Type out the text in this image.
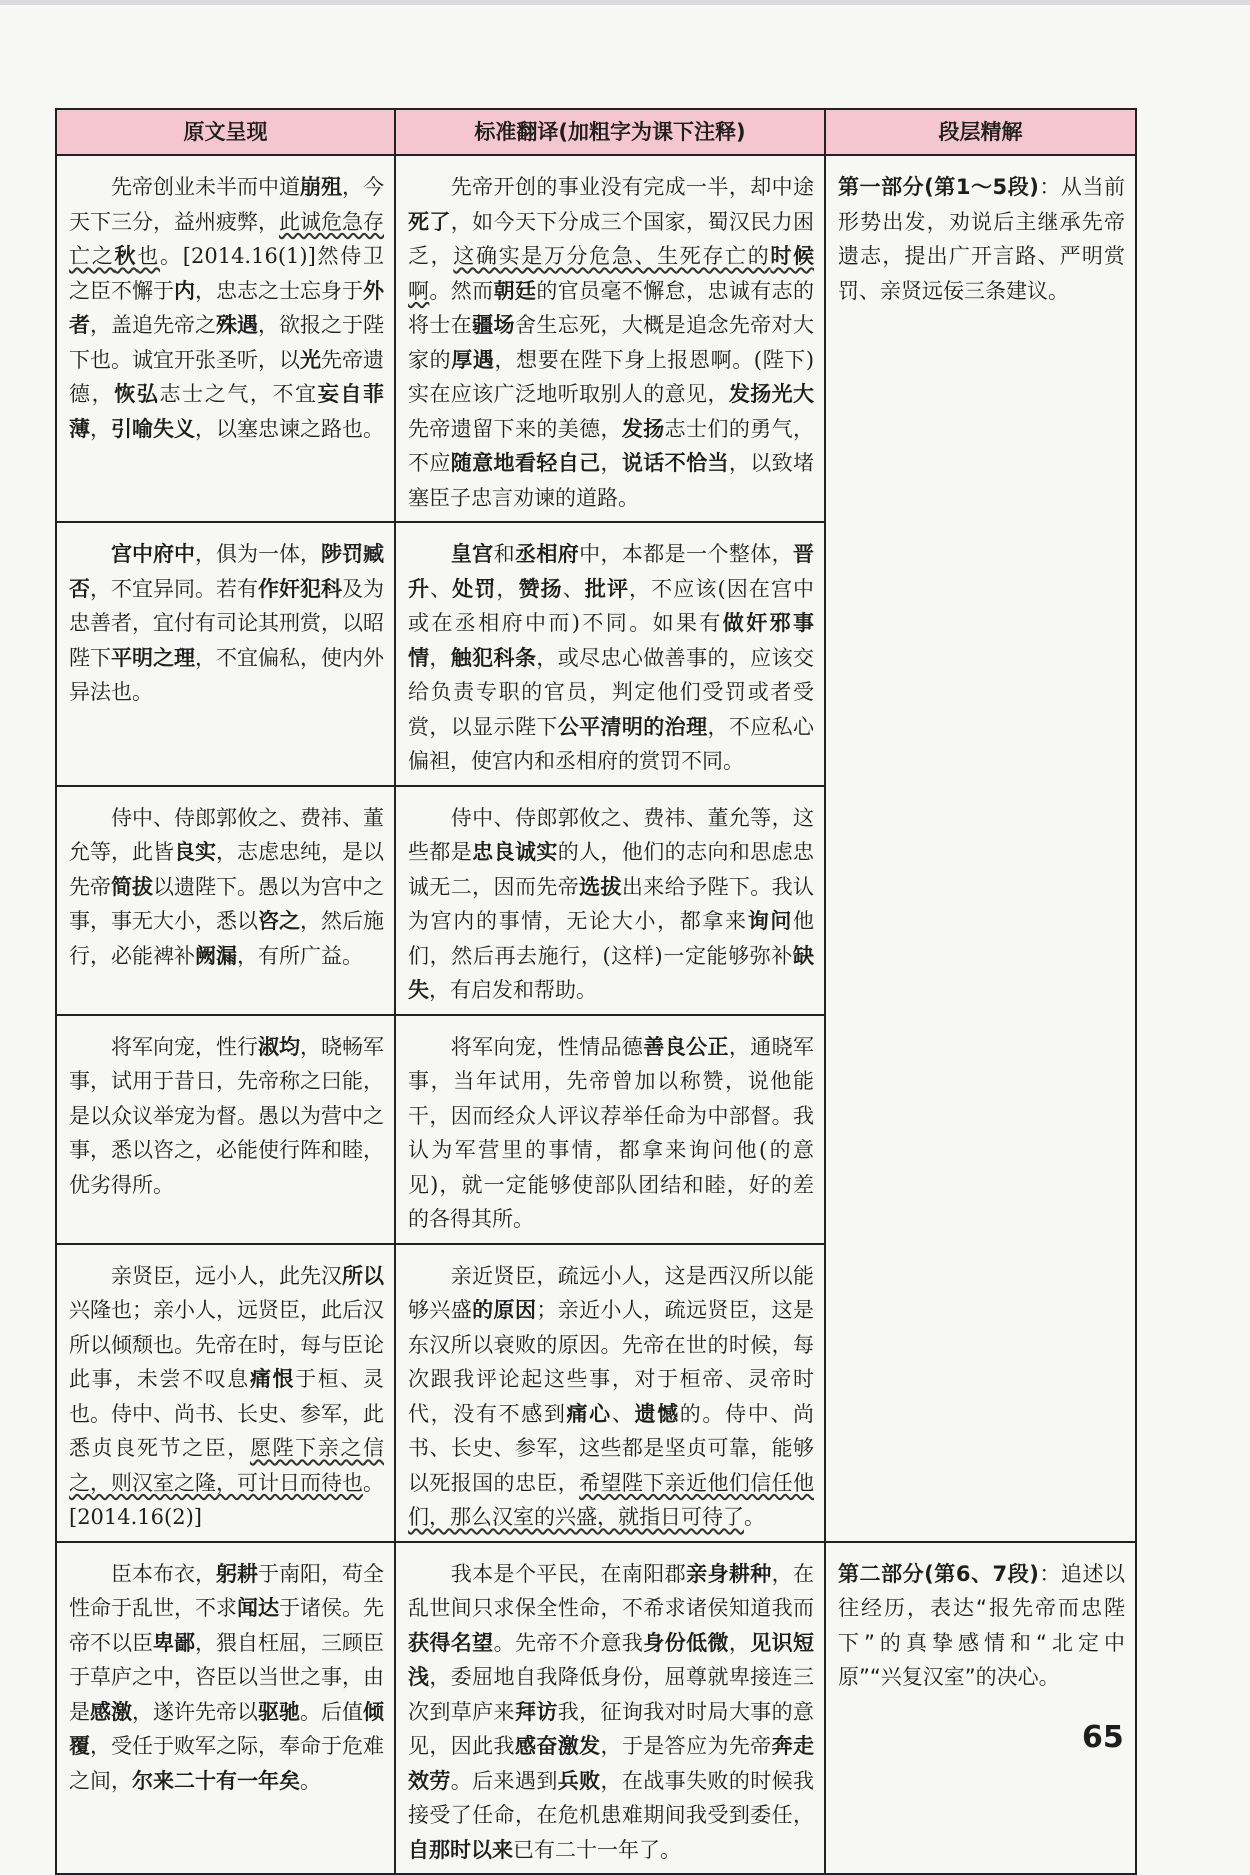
原文呈现	标准翻译(加粗字为课下注释)	段层精解
　　先帝创业未半而中道崩殂，今天下三分，益州疲弊，此诚危急存亡之秋也。[2014.16(1)]然侍卫之臣不懈于内，忠志之士忘身于外者，盖追先帝之殊遇，欲报之于陛下也。诚宜开张圣听，以光先帝遗德，恢弘志士之气，不宜妄自菲薄，引喻失义，以塞忠谏之路也。	　　先帝开创的事业没有完成一半，却中途死了，如今天下分成三个国家，蜀汉民力困乏，这确实是万分危急、生死存亡的时候啊。然而朝廷的官员毫不懈怠，忠诚有志的将士在疆场舍生忘死，大概是追念先帝对大家的厚遇，想要在陛下身上报恩啊。(陛下)实在应该广泛地听取别人的意见，发扬光大先帝遗留下来的美德，发扬志士们的勇气，不应随意地看轻自己，说话不恰当，以致堵塞臣子忠言劝谏的道路。	第一部分(第1～5段)：从当前形势出发，劝说后主继承先帝遗志，提出广开言路、严明赏罚、亲贤远佞三条建议。
　　宫中府中，俱为一体，陟罚臧否，不宜异同。若有作奸犯科及为忠善者，宜付有司论其刑赏，以昭陛下平明之理，不宜偏私，使内外异法也。	　　皇宫和丞相府中，本都是一个整体，晋升、处罚，赞扬、批评，不应该(因在宫中或在丞相府中而)不同。如果有做奸邪事情，触犯科条，或尽忠心做善事的，应该交给负责专职的官员，判定他们受罚或者受赏，以显示陛下公平清明的治理，不应私心偏袒，使宫内和丞相府的赏罚不同。	
　　侍中、侍郎郭攸之、费祎、董允等，此皆良实，志虑忠纯，是以先帝简拔以遗陛下。愚以为宫中之事，事无大小，悉以咨之，然后施行，必能裨补阙漏，有所广益。	　　侍中、侍郎郭攸之、费祎、董允等，这些都是忠良诚实的人，他们的志向和思虑忠诚无二，因而先帝选拔出来给予陛下。我认为宫内的事情，无论大小，都拿来询问他们，然后再去施行，(这样)一定能够弥补缺失，有启发和帮助。	
　　将军向宠，性行淑均，晓畅军事，试用于昔日，先帝称之曰能，是以众议举宠为督。愚以为营中之事，悉以咨之，必能使行阵和睦，优劣得所。	　　将军向宠，性情品德善良公正，通晓军事，当年试用，先帝曾加以称赞，说他能干，因而经众人评议荐举任命为中部督。我认为军营里的事情，都拿来询问他(的意见)，就一定能够使部队团结和睦，好的差的各得其所。	
　　亲贤臣，远小人，此先汉所以兴隆也；亲小人，远贤臣，此后汉所以倾颓也。先帝在时，每与臣论此事，未尝不叹息痛恨于桓、灵也。侍中、尚书、长史、参军，此悉贞良死节之臣，愿陛下亲之信之，则汉室之隆，可计日而待也。[2014.16(2)]	　　亲近贤臣，疏远小人，这是西汉所以能够兴盛的原因；亲近小人，疏远贤臣，这是东汉所以衰败的原因。先帝在世的时候，每次跟我评论起这些事，对于桓帝、灵帝时代，没有不感到痛心、遗憾的。侍中、尚书、长史、参军，这些都是坚贞可靠，能够以死报国的忠臣，希望陛下亲近他们信任他们，那么汉室的兴盛，就指日可待了。	
　　臣本布衣，躬耕于南阳，苟全性命于乱世，不求闻达于诸侯。先帝不以臣卑鄙，猥自枉屈，三顾臣于草庐之中，咨臣以当世之事，由是感激，遂许先帝以驱驰。后值倾覆，受任于败军之际，奉命于危难之间，尔来二十有一年矣。	　　我本是个平民，在南阳郡亲身耕种，在乱世间只求保全性命，不希求诸侯知道我而获得名望。先帝不介意我身份低微，见识短浅，委屈地自我降低身份，屈尊就卑接连三次到草庐来拜访我，征询我对时局大事的意见，因此我感奋激发，于是答应为先帝奔走效劳。后来遇到兵败，在战事失败的时候我接受了任命，在危机患难期间我受到委任，自那时以来已有二十一年了。	第二部分(第6、7段)：追述以往经历，表达“报先帝而忠陛下”的真挚感情和“北定中原”“兴复汉室”的决心。
65
